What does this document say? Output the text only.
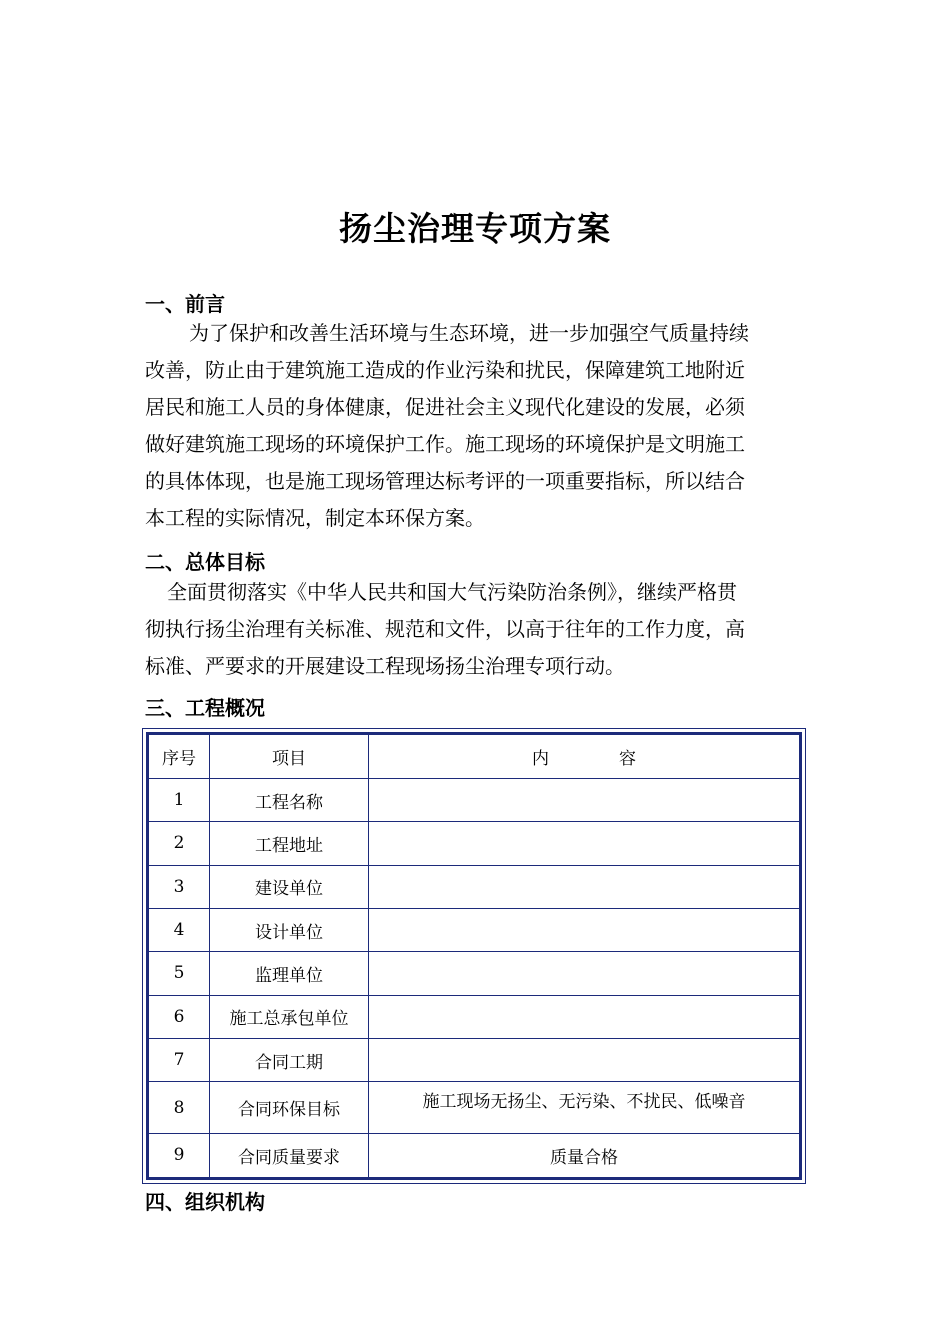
扬尘治理专项方案
一、前言
为了保护和改善生活环境与生态环境，进一步加强空气质量持续
改善，防止由于建筑施工造成的作业污染和扰民，保障建筑工地附近
居民和施工人员的身体健康，促进社会主义现代化建设的发展，必须
做好建筑施工现场的环境保护工作。施工现场的环境保护是文明施工
的具体体现，也是施工现场管理达标考评的一项重要指标，所以结合
本工程的实际情况，制定本环保方案。
二、总体目标
全面贯彻落实《中华人民共和国大气污染防治条例》，继续严格贯
彻执行扬尘治理有关标准、规范和文件，以高于往年的工作力度，高
标准、严要求的开展建设工程现场扬尘治理专项行动。
三、工程概况
序号	项目	内 容
1	工程名称	
2	工程地址	
3	建设单位	
4	设计单位	
5	监理单位	
6	施工总承包单位	
7	合同工期	
8	合同环保目标	施工现场无扬尘、无污染、不扰民、低噪音
9	合同质量要求	质量合格
四、组织机构
